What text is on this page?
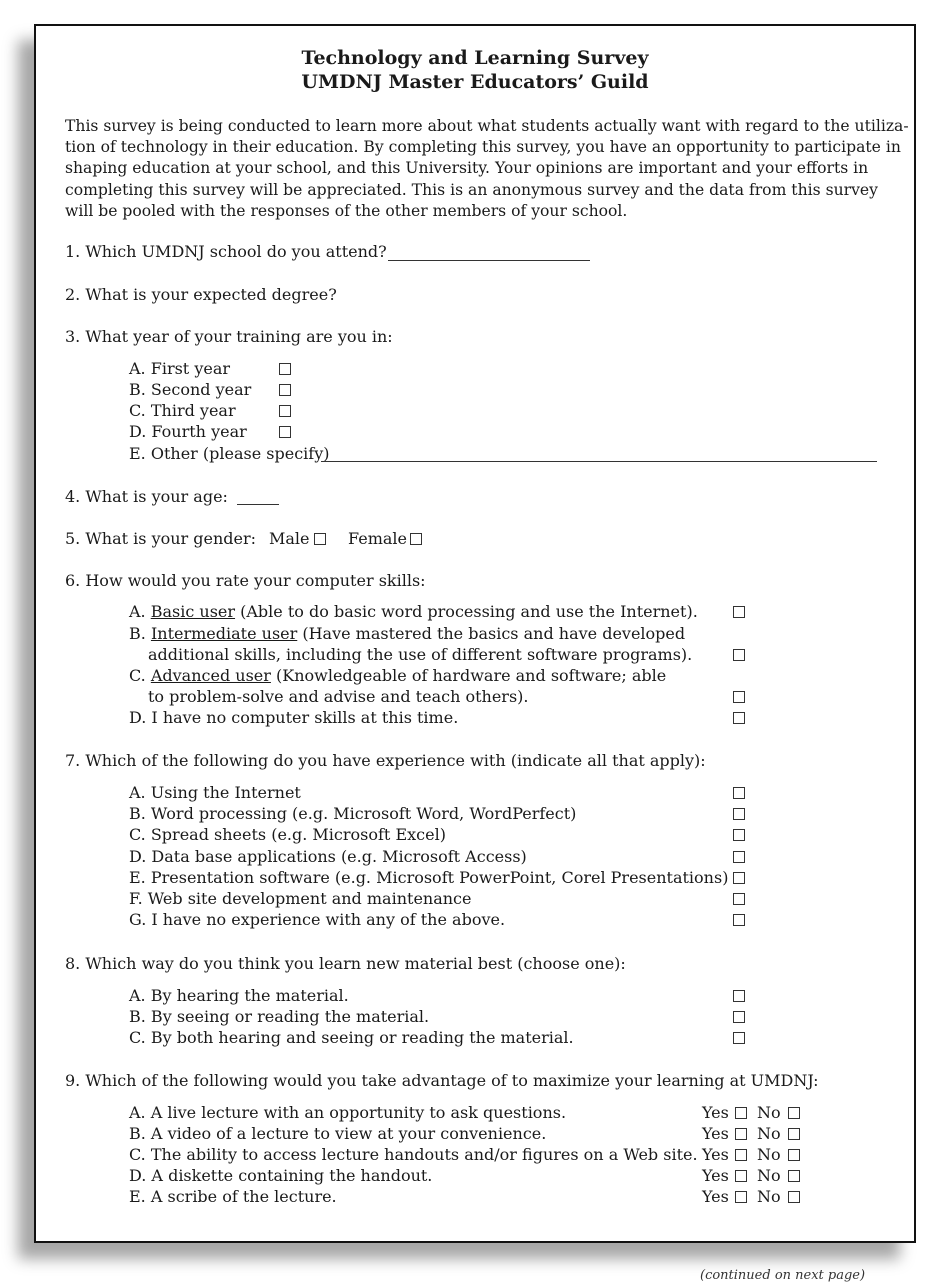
Technology and Learning Survey
UMDNJ Master Educators’ Guild
This survey is being conducted to learn more about what students actually want with regard to the utiliza-
tion of technology in their education. By completing this survey, you have an opportunity to participate in
shaping education at your school, and this University. Your opinions are important and your efforts in
completing this survey will be appreciated. This is an anonymous survey and the data from this survey
will be pooled with the responses of the other members of your school.
1. Which UMDNJ school do you attend?
2. What is your expected degree?
3. What year of your training are you in:
A. First year
B. Second year
C. Third year
D. Fourth year
E. Other (please specify)
4. What is your age:
5. What is your gender: Male Female
6. How would you rate your computer skills:
A. Basic user (Able to do basic word processing and use the Internet).
B. Intermediate user (Have mastered the basics and have developed
additional skills, including the use of different software programs).
C. Advanced user (Knowledgeable of hardware and software; able
to problem-solve and advise and teach others).
D. I have no computer skills at this time.
7. Which of the following do you have experience with (indicate all that apply):
A. Using the Internet
B. Word processing (e.g. Microsoft Word, WordPerfect)
C. Spread sheets (e.g. Microsoft Excel)
D. Data base applications (e.g. Microsoft Access)
E. Presentation software (e.g. Microsoft PowerPoint, Corel Presentations)
F. Web site development and maintenance
G. I have no experience with any of the above.
8. Which way do you think you learn new material best (choose one):
A. By hearing the material.
B. By seeing or reading the material.
C. By both hearing and seeing or reading the material.
9. Which of the following would you take advantage of to maximize your learning at UMDNJ:
A. A live lecture with an opportunity to ask questions.	Yes No
B. A video of a lecture to view at your convenience.	Yes No
C. The ability to access lecture handouts and/or figures on a Web site. Yes No
D. A diskette containing the handout.	Yes No
E. A scribe of the lecture.	Yes No
(continued on next page)
